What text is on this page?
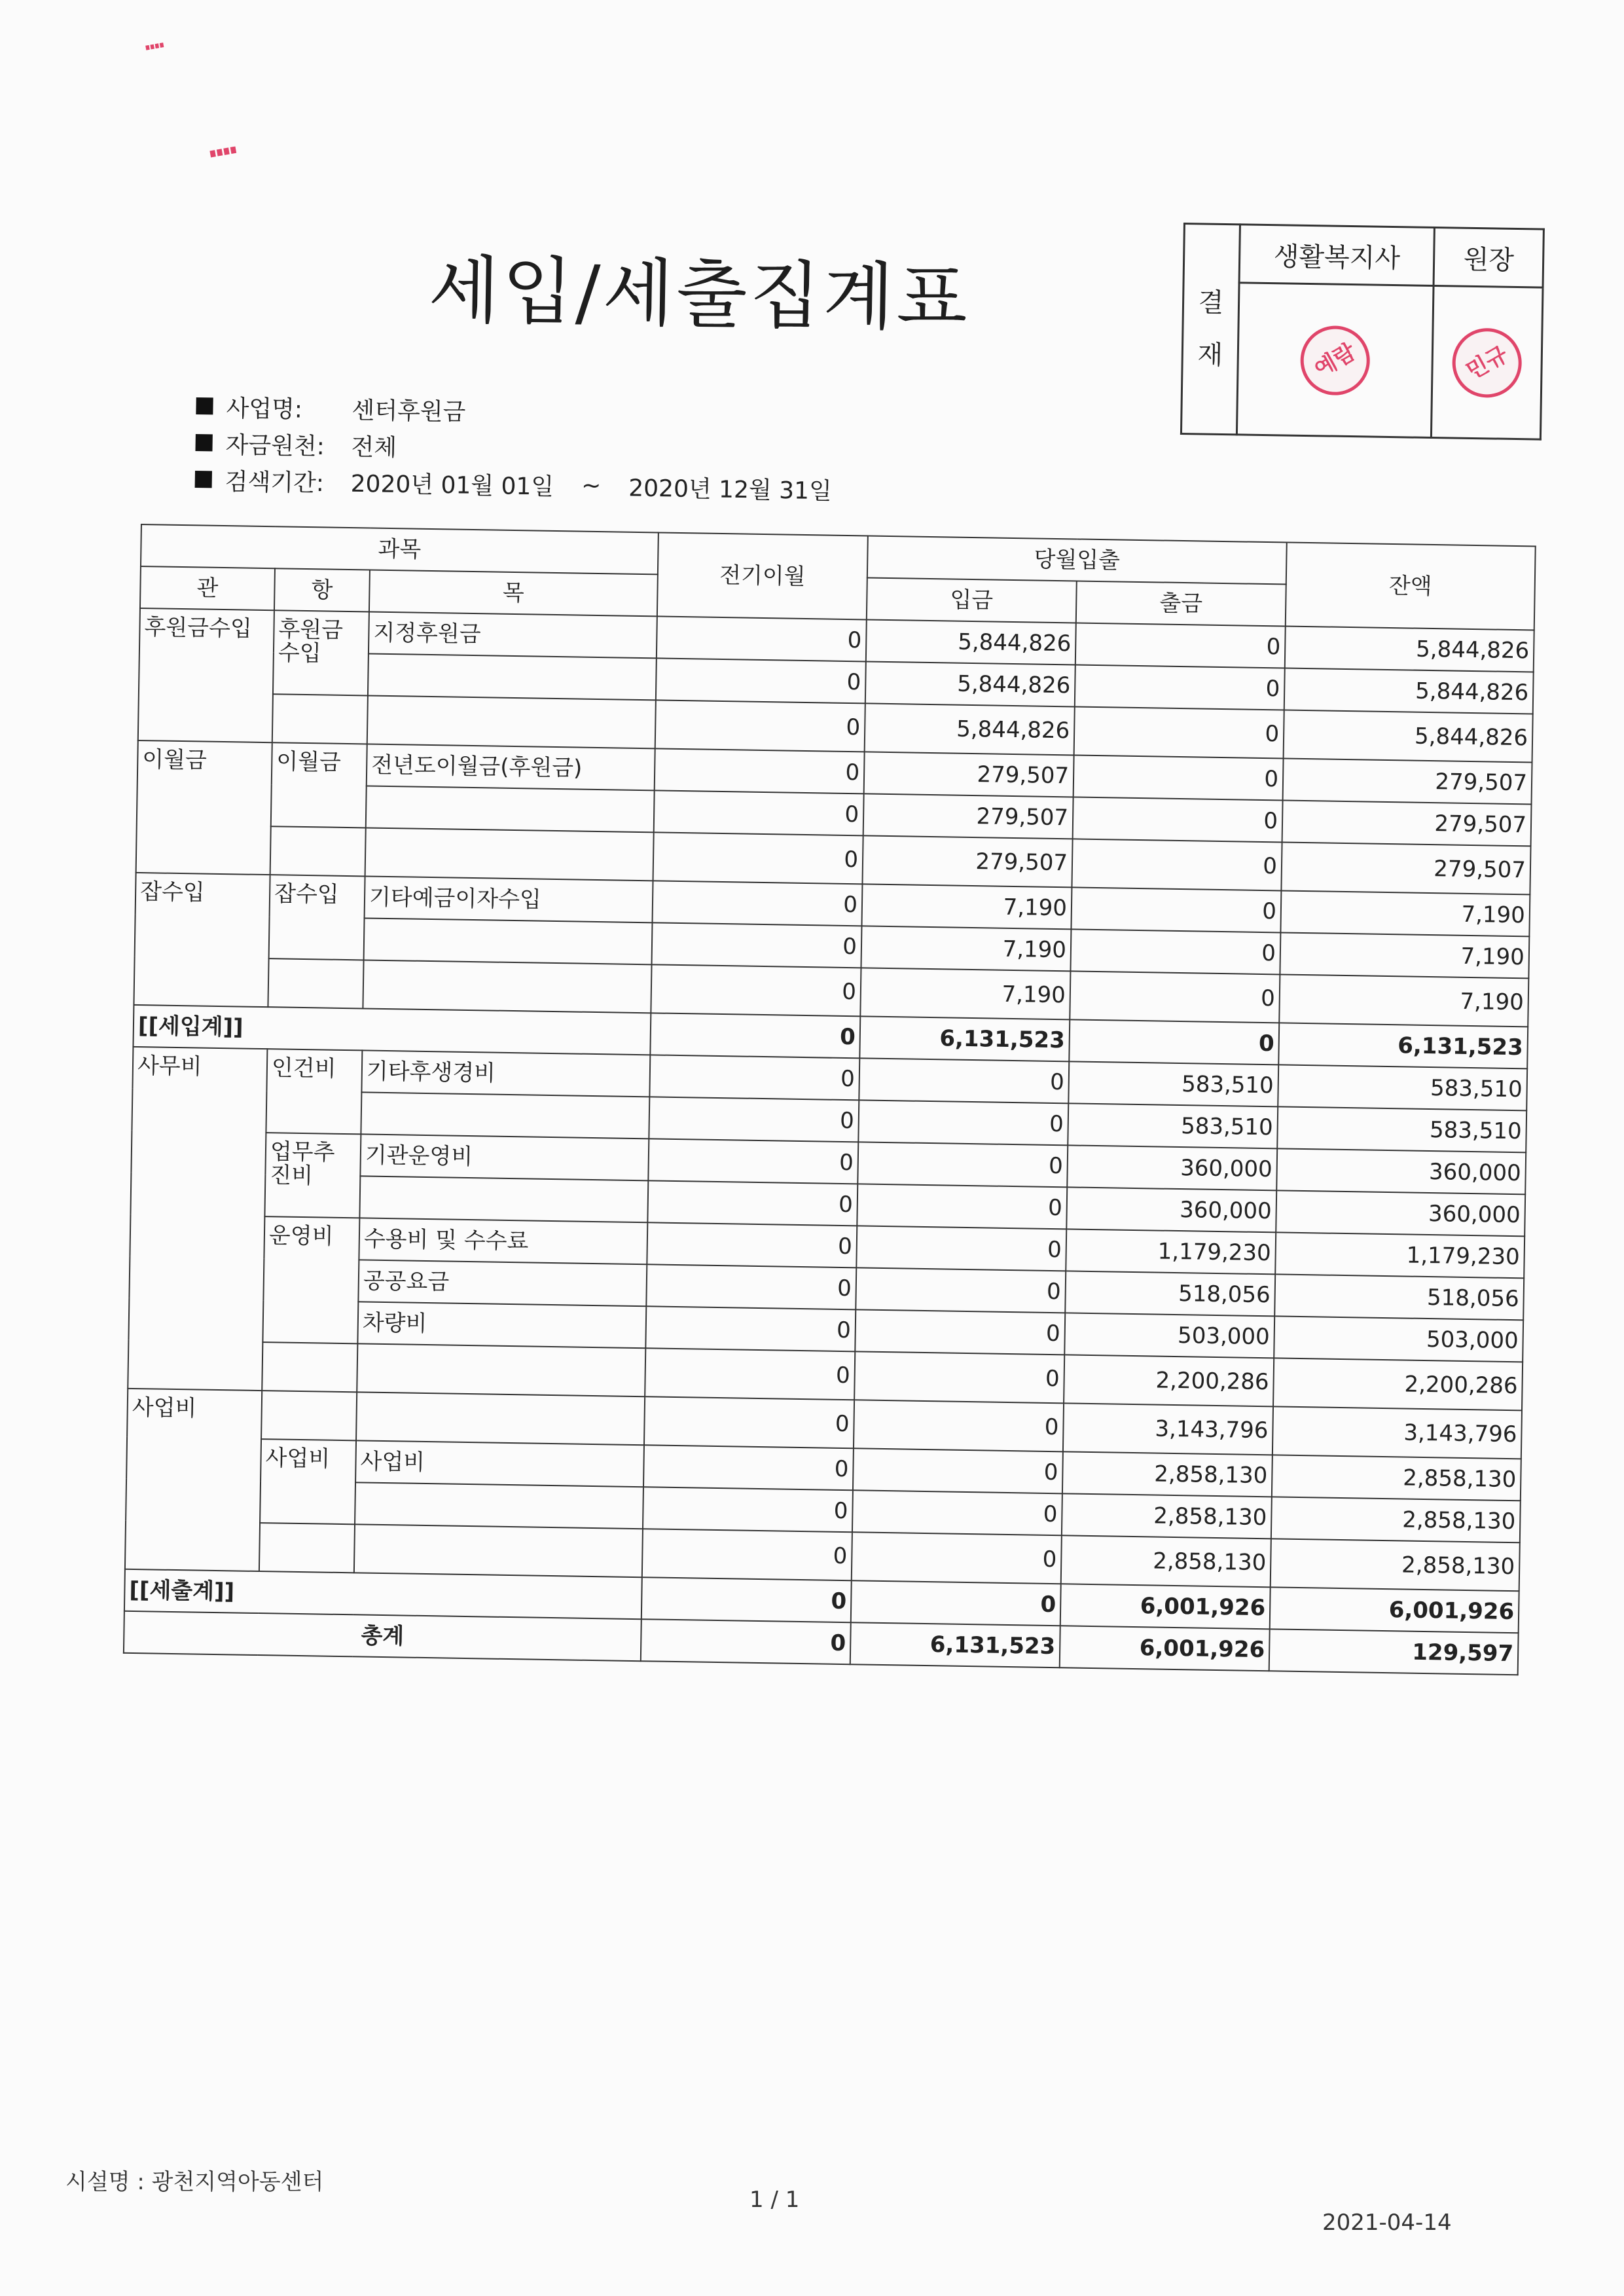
⁞
⁞
세입/세출집계표	결
재	생활복지사	원장
	예람	민규
사업명:	센터후원금
자금원천:	전체
검색기간:	2020년 01월 01일 ~ 2020년 12월 31일
과목			전기이월	당월입출		잔액
관	항	목		입금	출금	

후원금수입	후원금수입	지정후원금	0	5,844,826	0	5,844,826
			0	5,844,826	0	5,844,826
			0	5,844,826	0	5,844,826
이월금	이월금	전년도이월금(후원금)	0	279,507	0	279,507
			0	279,507	0	279,507
			0	279,507	0	279,507
잡수입	잡수입	기타예금이자수입	0	7,190	0	7,190
			0	7,190	0	7,190
			0	7,190	0	7,190
[[세입계]]			0	6,131,523	0	6,131,523
사무비	인건비	기타후생경비	0	0	583,510	583,510
			0	0	583,510	583,510
	업무추진비	기관운영비	0	0	360,000	360,000
			0	0	360,000	360,000
	운영비	수용비 및 수수료	0	0	1,179,230	1,179,230
		공공요금	0	0	518,056	518,056
		차량비	0	0	503,000	503,000
			0	0	2,200,286	2,200,286
사업비			0	0	3,143,796	3,143,796
	사업비	사업비	0	0	2,858,130	2,858,130
			0	0	2,858,130	2,858,130
			0	0	2,858,130	2,858,130
[[세출계]]			0	0	6,001,926	6,001,926
총계			0	6,131,523	6,001,926	129,597
시설명 : 광천지역아동센터
1 / 1
2021-04-14
